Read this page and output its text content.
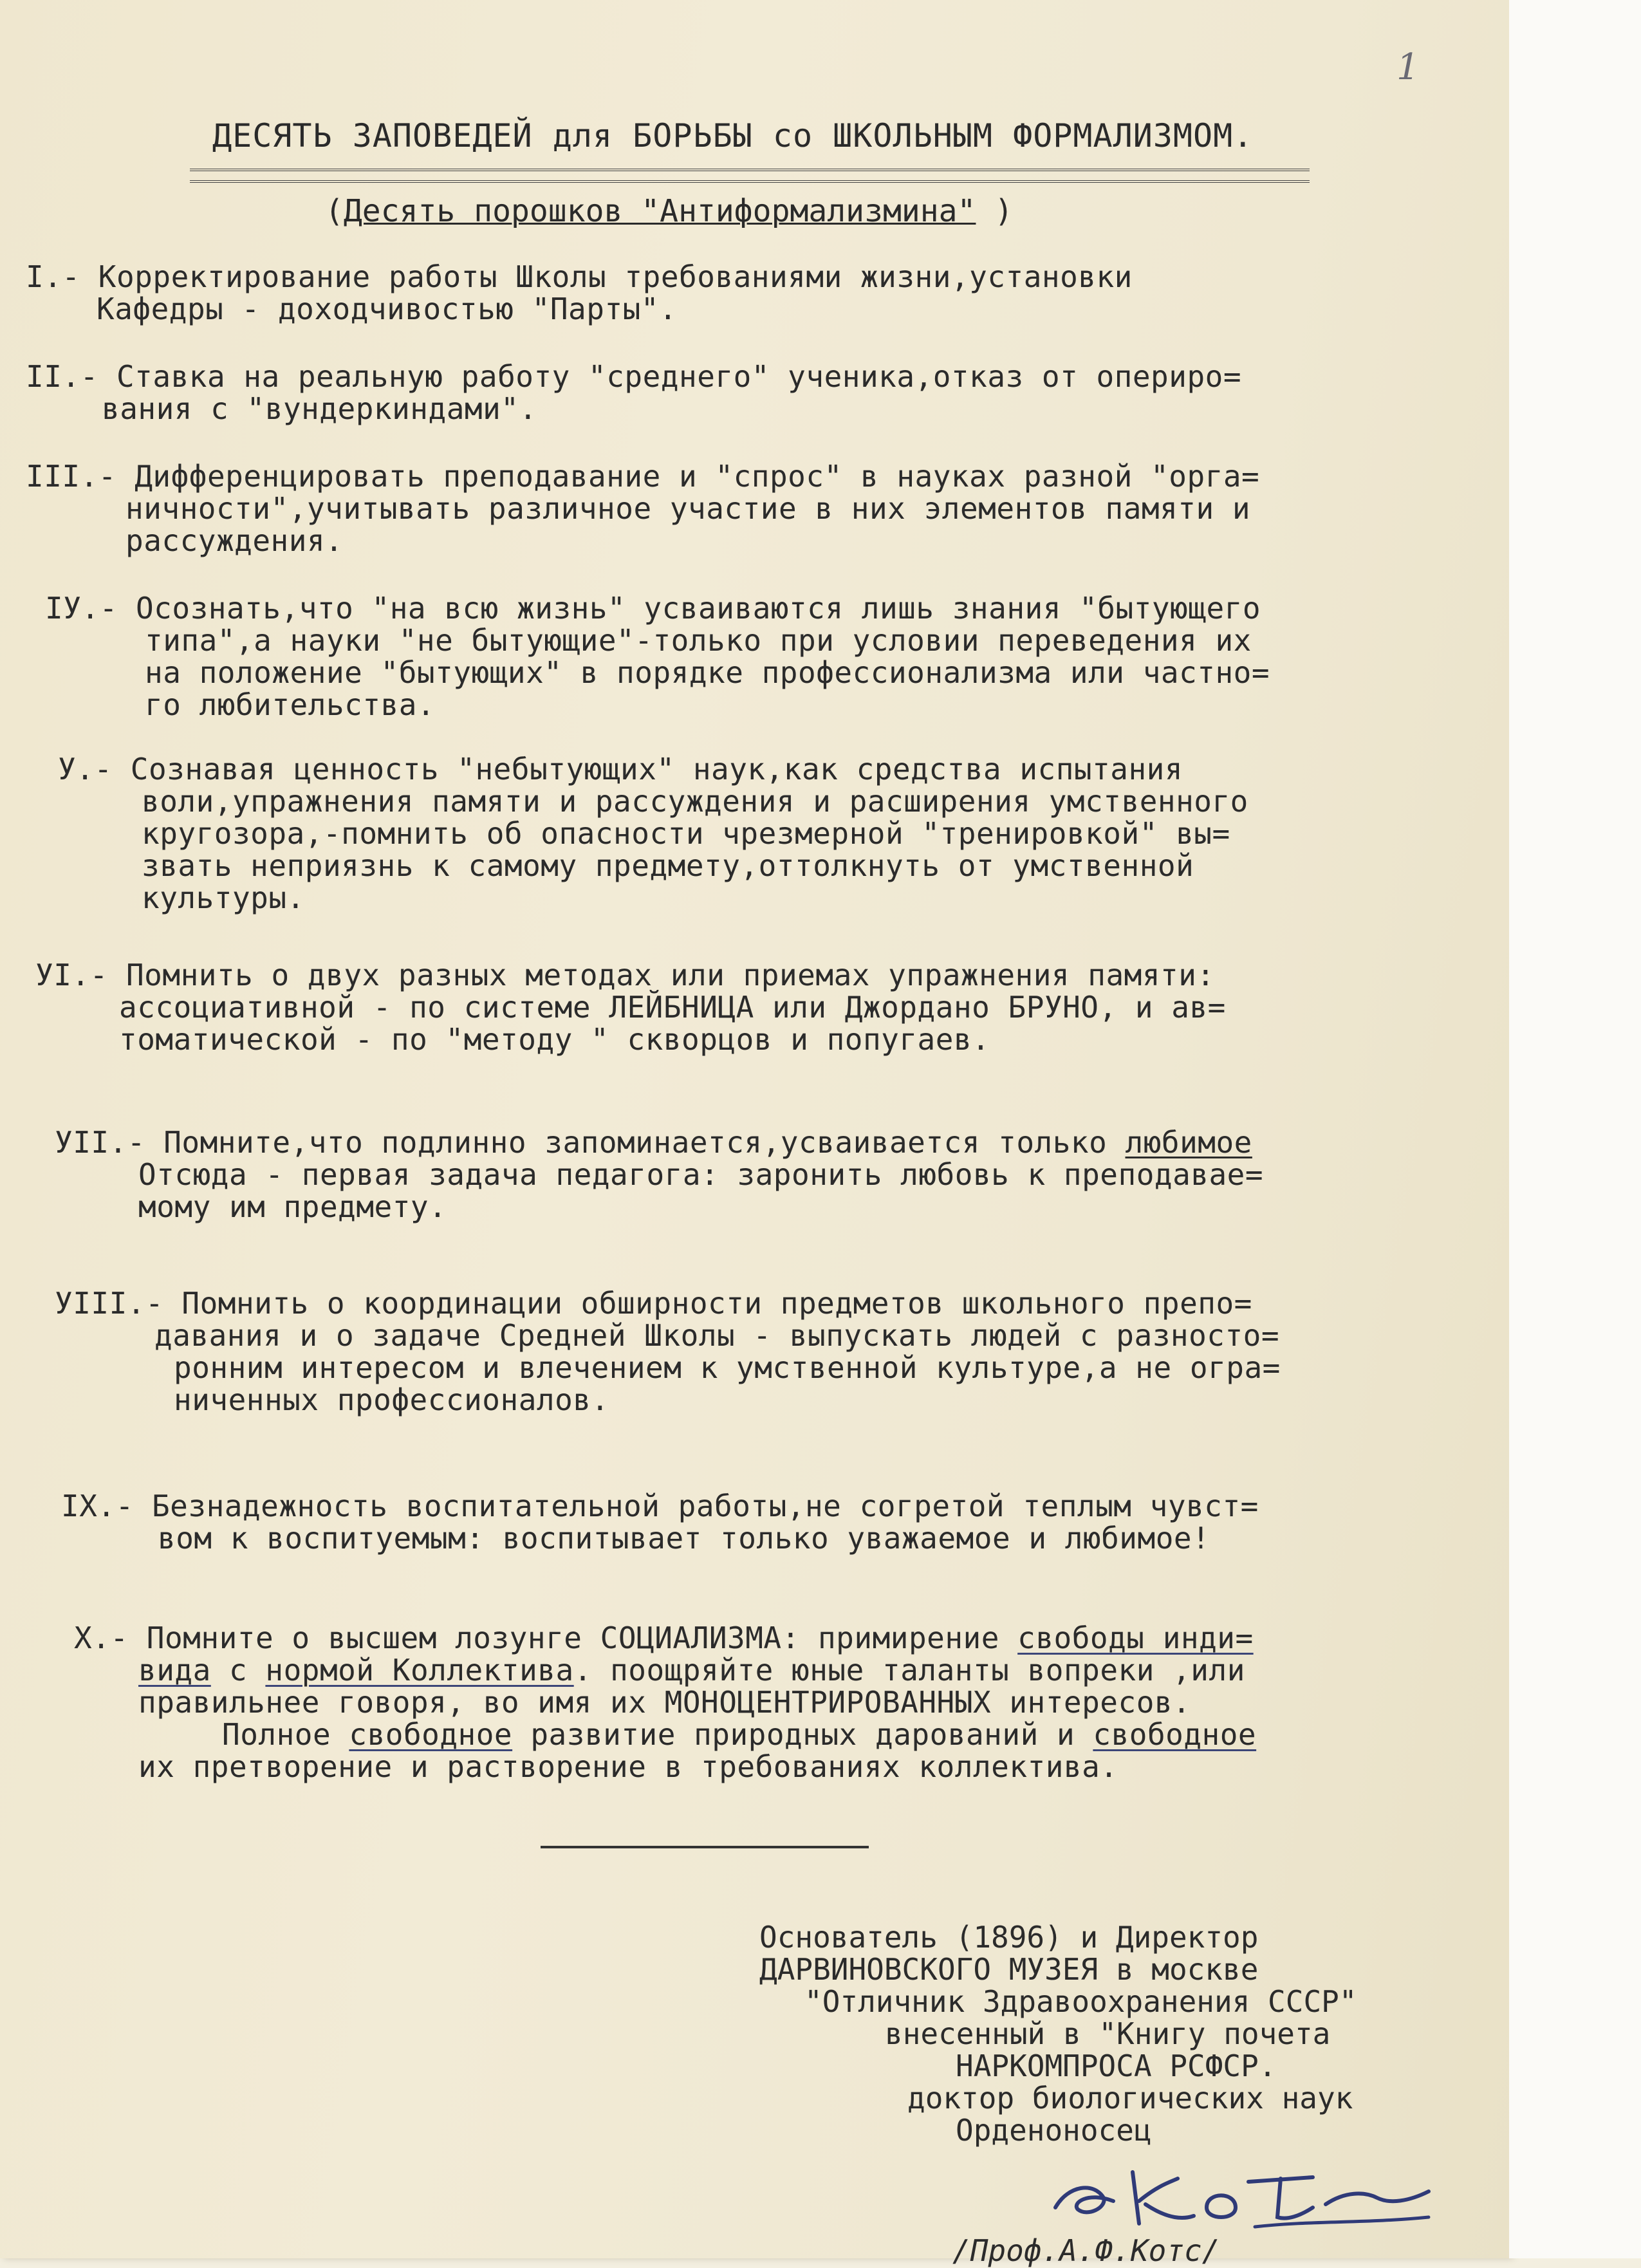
1
ДЕСЯТЬ ЗАПОВЕДЕЙ для БОРЬБЫ со ШКОЛЬНЫМ ФОРМАЛИЗМОМ.
(Десять порошков "Антиформализмина" )
I.- Корректирование работы Школы требованиями жизни,установки
Кафедры - доходчивостью "Парты".
II.- Ставка на реальную работу "среднего" ученика,отказ от опериро=
вания с "вундеркиндами".
III.- Дифференцировать преподавание и "спрос" в науках разной "орга=
ничности",учитывать различное участие в них элементов памяти и
рассуждения.
IУ.- Осознать,что "на всю жизнь" усваиваются лишь знания "бытующего
типа",а науки "не бытующие"-только при условии переведения их
на положение "бытующих" в порядке профессионализма или частно=
го любительства.
У.- Сознавая ценность "небытующих" наук,как средства испытания
воли,упражнения памяти и рассуждения и расширения умственного
кругозора,-помнить об опасности чрезмерной "тренировкой" вы=
звать неприязнь к самому предмету,оттолкнуть от умственной
культуры.
УI.- Помнить о двух разных методах или приемах упражнения памяти:
ассоциативной - по системе ЛЕЙБНИЦА или Джордано БРУНО, и ав=
томатической - по "методу " скворцов и попугаев.
УII.- Помните,что подлинно запоминается,усваивается только любимое
Отсюда - первая задача педагога: заронить любовь к преподавае=
мому им предмету.
УIII.- Помнить о координации обширности предметов школьного препо=
давания и о задаче Средней Школы - выпускать людей с разносто=
ронним интересом и влечением к умственной культуре,а не огра=
ниченных профессионалов.
IX.- Безнадежность воспитательной работы,не согретой теплым чувст=
вом к воспитуемым: воспитывает только уважаемое и любимое!
X.- Помните о высшем лозунге СОЦИАЛИЗМА: примирение свободы инди=
вида с нормой Коллектива. поощряйте юные таланты вопреки ,или
правильнее говоря, во имя их МОНОЦЕНТРИРОВАННЫХ интересов.
Полное свободное развитие природных дарований и свободное
их претворение и растворение в требованиях коллектива.
Основатель (1896) и Директор
ДАРВИНОВСКОГО МУЗЕЯ в москве
"Отличник Здравоохранения СССР"
внесенный в "Книгу почета
НАРКОМПРОСА РСФСР.
доктор биологических наук
Орденоносец
/Проф.А.Ф.Котс/
